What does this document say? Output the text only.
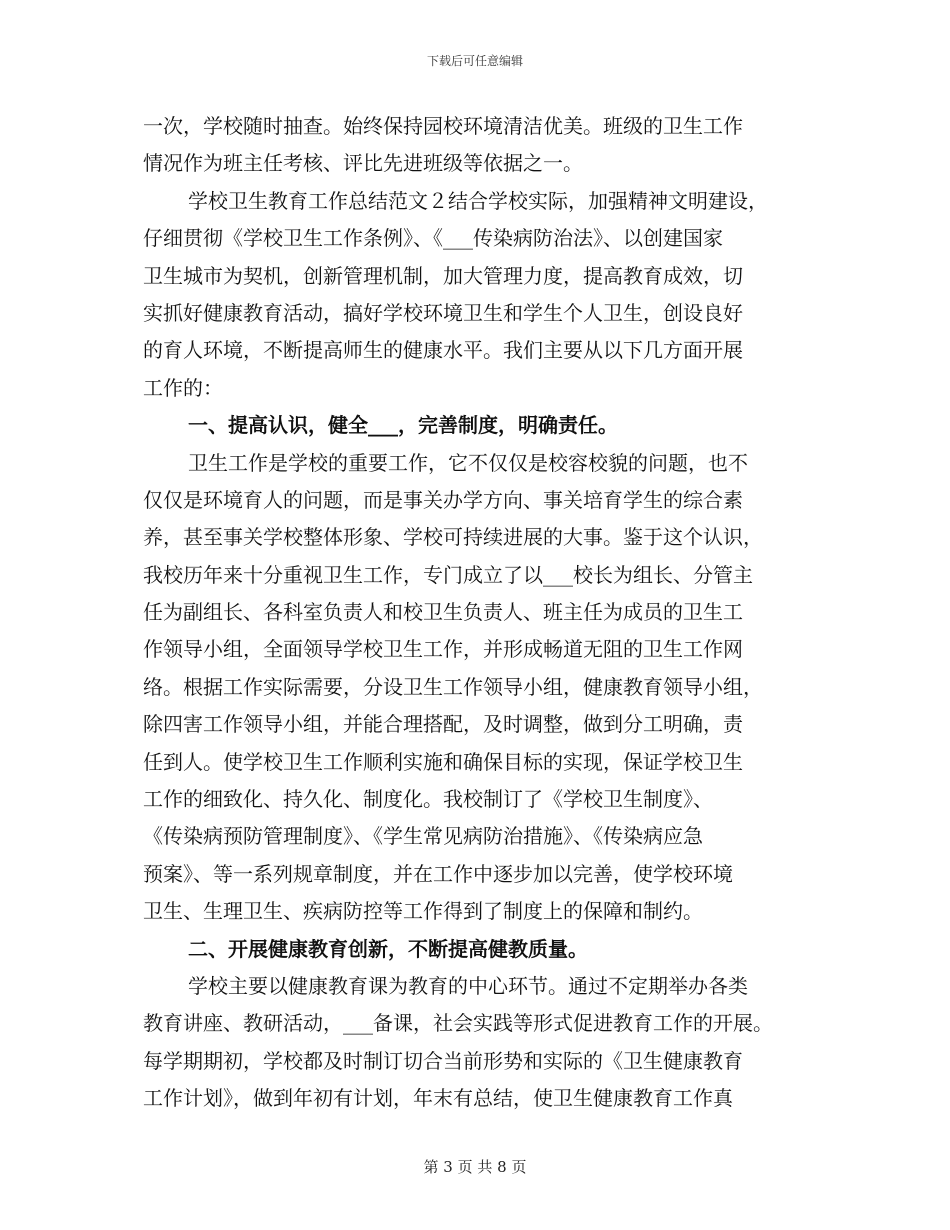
下载后可任意编辑
一次，学校随时抽查。始终保持园校环境清洁优美。班级的卫生工作
情况作为班主任考核、评比先进班级等依据之一。
学校卫生教育工作总结范文２结合学校实际，加强精神文明建设，
仔细贯彻《学校卫生工作条例》、《___传染病防治法》、以创建国家
卫生城市为契机，创新管理机制，加大管理力度，提高教育成效，切
实抓好健康教育活动，搞好学校环境卫生和学生个人卫生，创设良好
的育人环境，不断提高师生的健康水平。我们主要从以下几方面开展
工作的：
一、提高认识，健全___，完善制度，明确责任。
卫生工作是学校的重要工作，它不仅仅是校容校貌的问题，也不
仅仅是环境育人的问题，而是事关办学方向、事关培育学生的综合素
养，甚至事关学校整体形象、学校可持续进展的大事。鉴于这个认识，
我校历年来十分重视卫生工作，专门成立了以___校长为组长、分管主
任为副组长、各科室负责人和校卫生负责人、班主任为成员的卫生工
作领导小组，全面领导学校卫生工作，并形成畅道无阻的卫生工作网
络。根据工作实际需要，分设卫生工作领导小组，健康教育领导小组，
除四害工作领导小组，并能合理搭配，及时调整，做到分工明确，责
任到人。使学校卫生工作顺利实施和确保目标的实现，保证学校卫生
工作的细致化、持久化、制度化。我校制订了《学校卫生制度》、
《传染病预防管理制度》、《学生常见病防治措施》、《传染病应急
预案》、等一系列规章制度，并在工作中逐步加以完善，使学校环境
卫生、生理卫生、疾病防控等工作得到了制度上的保障和制约。
二、开展健康教育创新，不断提高健教质量。
学校主要以健康教育课为教育的中心环节。通过不定期举办各类
教育讲座、教研活动，___备课，社会实践等形式促进教育工作的开展。
每学期期初，学校都及时制订切合当前形势和实际的《卫生健康教育
工作计划》，做到年初有计划，年末有总结，使卫生健康教育工作真
第 3 页 共 8 页
